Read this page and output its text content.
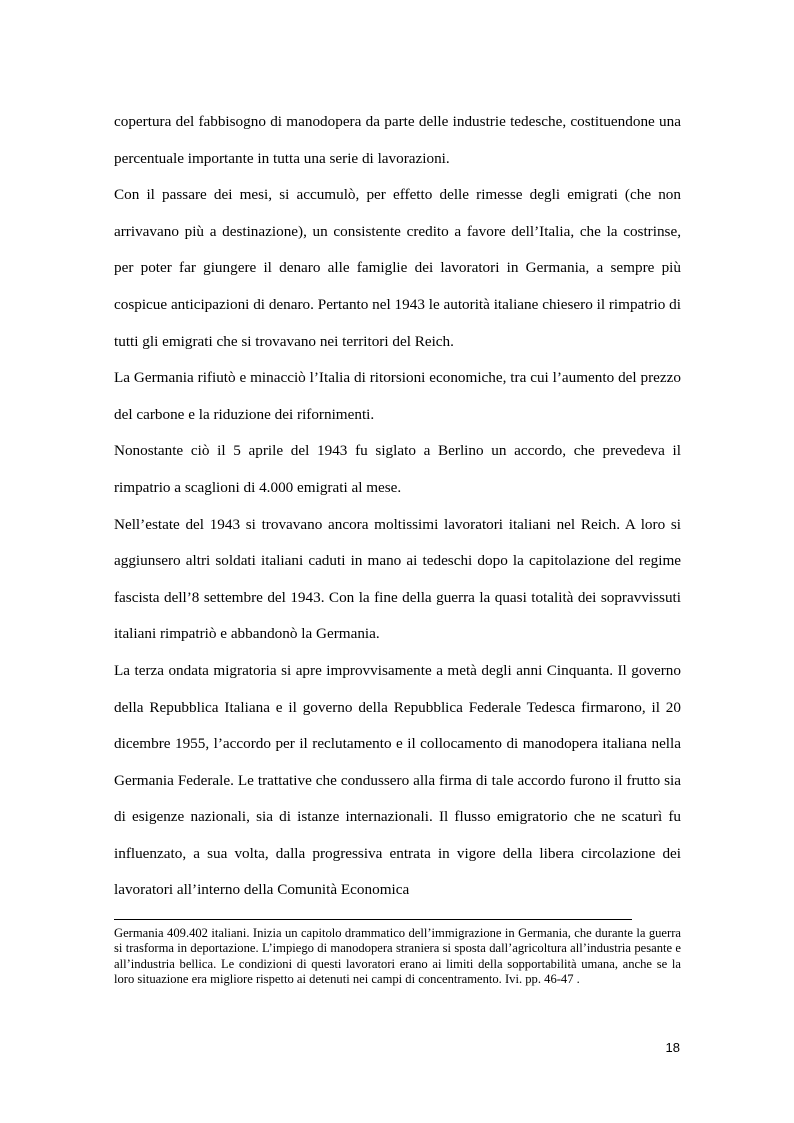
copertura del fabbisogno di manodopera da parte delle industrie tedesche, costituendone una percentuale importante in tutta una serie di lavorazioni.

Con il passare dei mesi, si accumulò, per effetto delle rimesse degli emigrati (che non arrivavano più a destinazione), un consistente credito a favore dell’Italia, che la costrinse, per poter far giungere il denaro alle famiglie dei lavoratori in Germania, a sempre più cospicue anticipazioni di denaro. Pertanto nel 1943 le autorità italiane chiesero il rimpatrio di tutti gli emigrati che si trovavano nei territori del Reich.

La Germania rifiutò e minacciò l’Italia di ritorsioni economiche, tra cui l’aumento del prezzo del carbone e la riduzione dei rifornimenti.

Nonostante ciò il 5 aprile del 1943 fu siglato a Berlino un accordo, che prevedeva il rimpatrio a scaglioni di 4.000 emigrati al mese.

Nell’estate del 1943 si trovavano ancora moltissimi lavoratori italiani nel Reich. A loro si aggiunsero altri soldati italiani caduti in mano ai tedeschi dopo la capitolazione del regime fascista dell’8 settembre del 1943. Con la fine della guerra la quasi totalità dei sopravvissuti italiani rimpatriò e abbandonò la Germania.

La terza ondata migratoria si apre improvvisamente a metà degli anni Cinquanta. Il governo della Repubblica Italiana e il governo della Repubblica Federale Tedesca firmarono, il 20 dicembre 1955, l’accordo per il reclutamento e il collocamento di manodopera italiana nella Germania Federale. Le trattative che condussero alla firma di tale accordo furono il frutto sia di esigenze nazionali, sia di istanze internazionali. Il flusso emigratorio che ne scaturì fu influenzato, a sua volta, dalla progressiva entrata in vigore della libera circolazione dei lavoratori all’interno della Comunità Economica

Germania 409.402 italiani. Inizia un capitolo drammatico dell’immigrazione in Germania, che durante la guerra si trasforma in deportazione. L’impiego di manodopera straniera si sposta dall’agricoltura all’industria pesante e all’industria bellica. Le condizioni di questi lavoratori erano ai limiti della sopportabilità umana, anche se la loro situazione era migliore rispetto ai detenuti nei campi di concentramento. Ivi. pp. 46-47 .

18
